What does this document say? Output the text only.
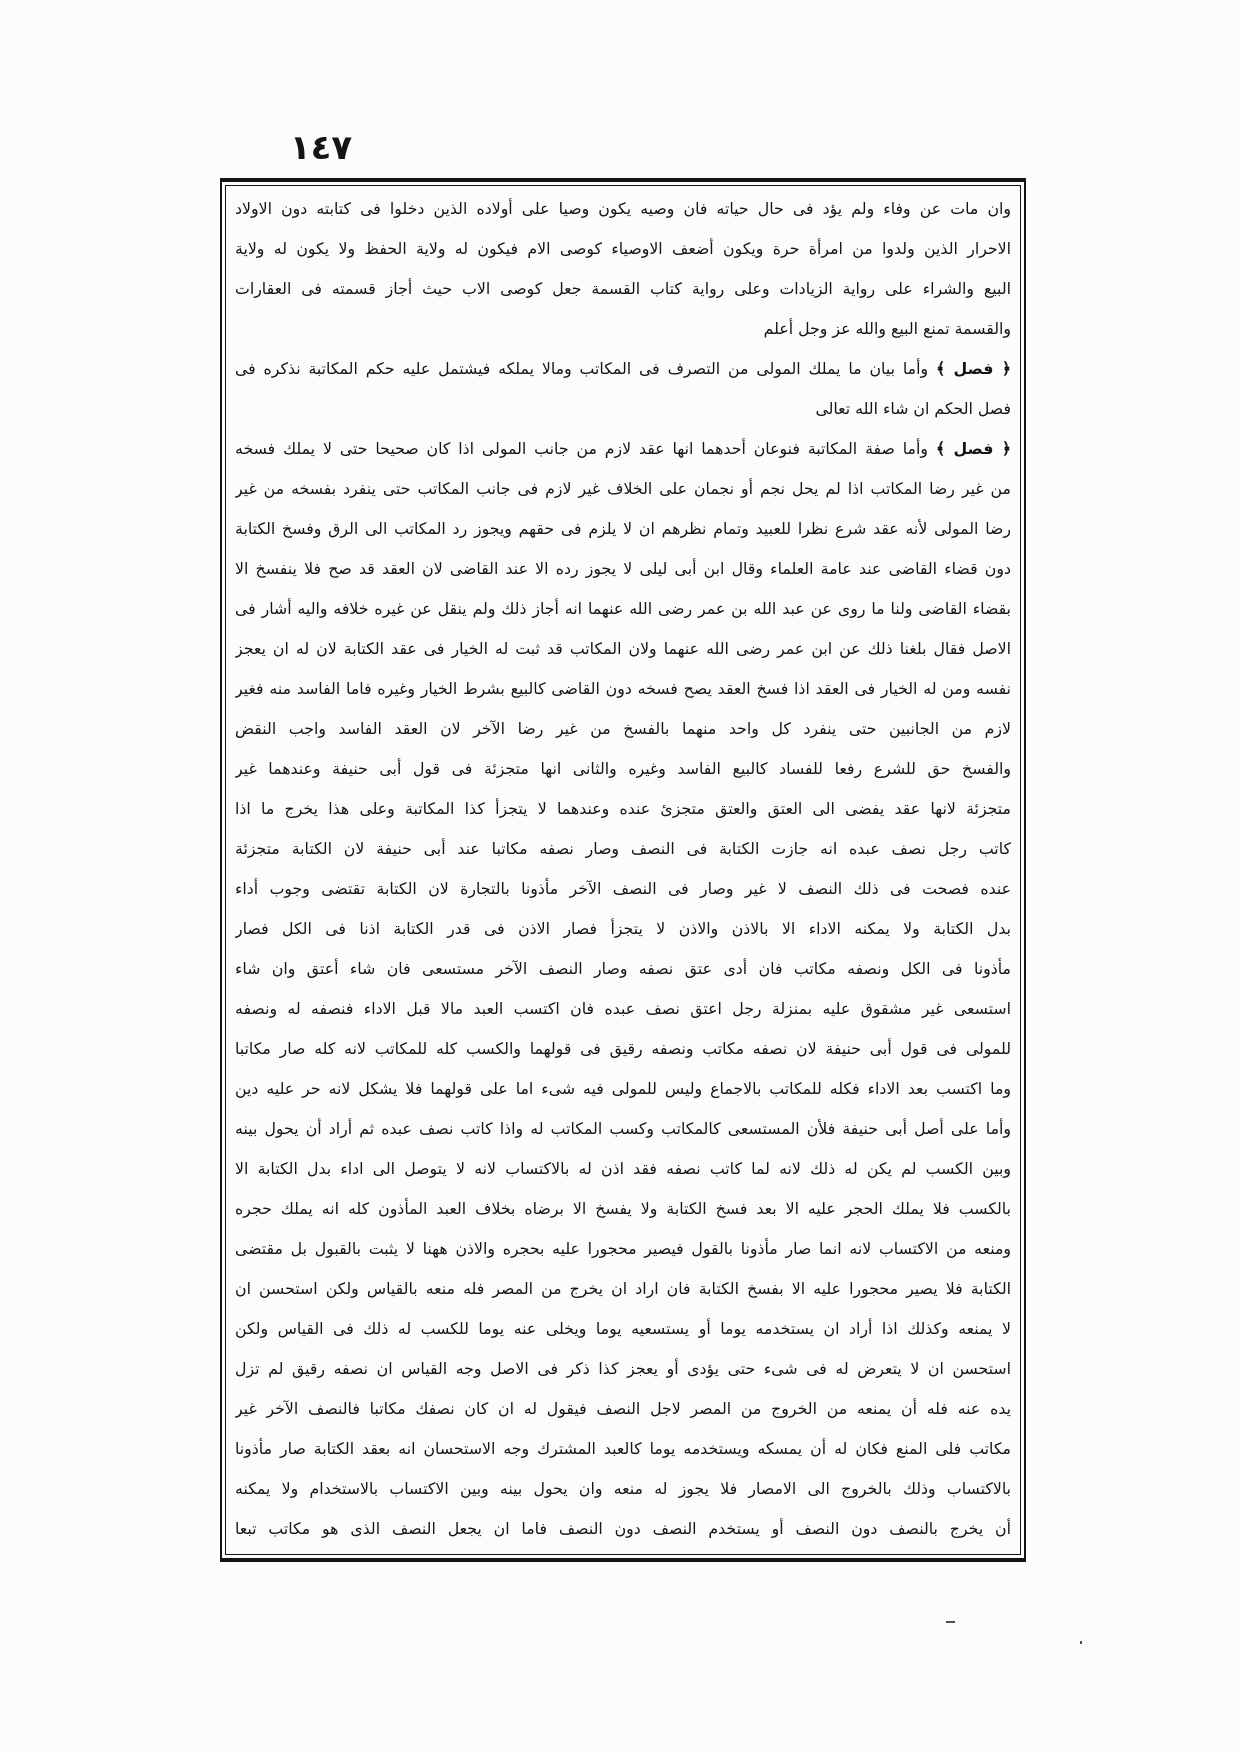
١٤٧
وان مات عن وفاء ولم يؤد فى حال حياته فان وصيه يكون وصيا على أولاده الذين دخلوا فى كتابته دون الاولاد
الاحرار الذين ولدوا من امرأة حرة ويكون أضعف الاوصياء كوصى الام فيكون له ولاية الحفظ ولا يكون له ولاية
البيع والشراء على رواية الزيادات وعلى رواية كتاب القسمة جعل كوصى الاب حيث أجاز قسمته فى العقارات
والقسمة تمنع البيع والله عز وجل أعلم
﴿ فصل ﴾ وأما بيان ما يملك المولى من التصرف فى المكاتب ومالا يملكه فيشتمل عليه حكم المكاتبة نذكره فى
فصل الحكم ان شاء الله تعالى
﴿ فصل ﴾ وأما صفة المكاتبة فنوعان أحدهما انها عقد لازم من جانب المولى اذا كان صحيحا حتى لا يملك فسخه
من غير رضا المكاتب اذا لم يحل نجم أو نجمان على الخلاف غير لازم فى جانب المكاتب حتى ينفرد بفسخه من غير
رضا المولى لأنه عقد شرع نظرا للعبيد وتمام نظرهم ان لا يلزم فى حقهم ويجوز رد المكاتب الى الرق وفسخ الكتابة
دون قضاء القاضى عند عامة العلماء وقال ابن أبى ليلى لا يجوز رده الا عند القاضى لان العقد قد صح فلا ينفسخ الا
بقضاء القاضى ولنا ما روى عن عبد الله بن عمر رضى الله عنهما انه أجاز ذلك ولم ينقل عن غيره خلافه واليه أشار فى
الاصل فقال بلغنا ذلك عن ابن عمر رضى الله عنهما ولان المكاتب قد ثبت له الخيار فى عقد الكتابة لان له ان يعجز
نفسه ومن له الخيار فى العقد اذا فسخ العقد يصح فسخه دون القاضى كالبيع بشرط الخيار وغيره فاما الفاسد منه فغير
لازم من الجانبين حتى ينفرد كل واحد منهما بالفسخ من غير رضا الآخر لان العقد الفاسد واجب النقض
والفسخ حق للشرع رفعا للفساد كالبيع الفاسد وغيره والثانى انها متجزئة فى قول أبى حنيفة وعندهما غير
متجزئة لانها عقد يفضى الى العتق والعتق متجزئ عنده وعندهما لا يتجزأ كذا المكاتبة وعلى هذا يخرج ما اذا
كاتب رجل نصف عبده انه جازت الكتابة فى النصف وصار نصفه مكاتبا عند أبى حنيفة لان الكتابة متجزئة
عنده فصحت فى ذلك النصف لا غير وصار فى النصف الآخر مأذونا بالتجارة لان الكتابة تقتضى وجوب أداء
بدل الكتابة ولا يمكنه الاداء الا بالاذن والاذن لا يتجزأ فصار الاذن فى قدر الكتابة اذنا فى الكل فصار
مأذونا فى الكل ونصفه مكاتب فان أدى عتق نصفه وصار النصف الآخر مستسعى فان شاء أعتق وان شاء
استسعى غير مشقوق عليه بمنزلة رجل اعتق نصف عبده فان اكتسب العبد مالا قبل الاداء فنصفه له ونصفه
للمولى فى قول أبى حنيفة لان نصفه مكاتب ونصفه رقيق فى قولهما والكسب كله للمكاتب لانه كله صار مكاتبا
وما اكتسب بعد الاداء فكله للمكاتب بالاجماع وليس للمولى فيه شىء اما على قولهما فلا يشكل لانه حر عليه دين
وأما على أصل أبى حنيفة فلأن المستسعى كالمكاتب وكسب المكاتب له واذا كاتب نصف عبده ثم أراد أن يحول بينه
وبين الكسب لم يكن له ذلك لانه لما كاتب نصفه فقد اذن له بالاكتساب لانه لا يتوصل الى اداء بدل الكتابة الا
بالكسب فلا يملك الحجر عليه الا بعد فسخ الكتابة ولا يفسخ الا برضاه بخلاف العبد المأذون كله انه يملك حجره
ومنعه من الاكتساب لانه انما صار مأذونا بالقول فيصير محجورا عليه بحجره والاذن ههنا لا يثبت بالقبول بل مقتضى
الكتابة فلا يصير محجورا عليه الا بفسخ الكتابة فان اراد ان يخرج من المصر فله منعه بالقياس ولكن استحسن ان
لا يمنعه وكذلك اذا أراد ان يستخدمه يوما أو يستسعيه يوما ويخلى عنه يوما للكسب له ذلك فى القياس ولكن
استحسن ان لا يتعرض له فى شىء حتى يؤدى أو يعجز كذا ذكر فى الاصل وجه القياس ان نصفه رقيق لم تزل
يده عنه فله أن يمنعه من الخروج من المصر لاجل النصف فيقول له ان كان نصفك مكاتبا فالنصف الآخر غير
مكاتب فلى المنع فكان له أن يمسكه ويستخدمه يوما كالعبد المشترك وجه الاستحسان انه بعقد الكتابة صار مأذونا
بالاكتساب وذلك بالخروج الى الامصار فلا يجوز له منعه وان يحول بينه وبين الاكتساب بالاستخدام ولا يمكنه
أن يخرج بالنصف دون النصف أو يستخدم النصف دون النصف فاما ان يجعل النصف الذى هو مكاتب تبعا
